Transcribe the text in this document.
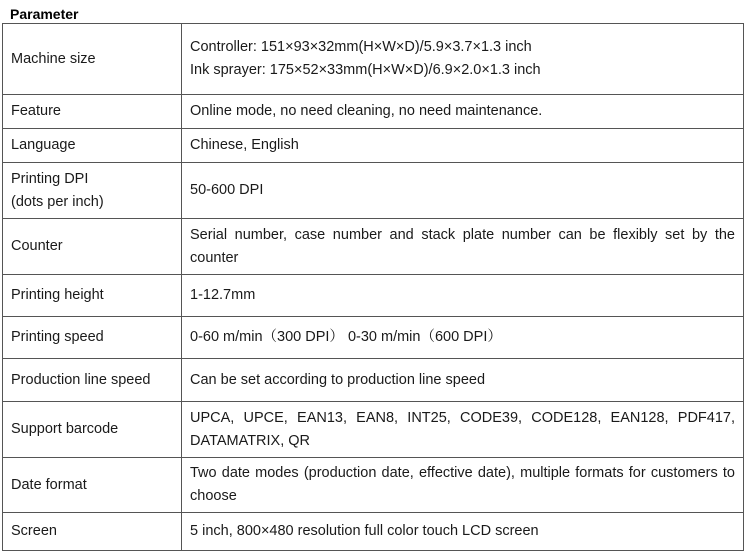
Parameter
Machine size	Controller: 151×93×32mm(H×W×D)/5.9×3.7×1.3 inch
Ink sprayer: 175×52×33mm(H×W×D)/6.9×2.0×1.3 inch

Feature	Online mode, no need cleaning, no need maintenance.
Language	Chinese, English

Printing DPI
(dots per inch)	50-600 DPI
Counter	Serial number, case number and stack plate number can be flexibly set by the counter
Printing height	1-12.7mm
Printing speed	0-60 m/min（300 DPI） 0-30 m/min（600 DPI）
Production line speed	Can be set according to production line speed
Support barcode	UPCA, UPCE, EAN13, EAN8, INT25, CODE39, CODE128, EAN128, PDF417, DATAMATRIX, QR
Date format	Two date modes (production date, effective date), multiple formats for customers to choose
Screen	5 inch, 800×480 resolution full color touch LCD screen
